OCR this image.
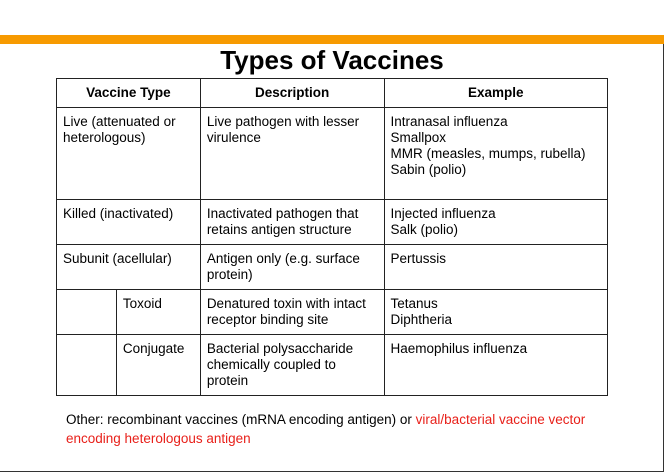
Types of Vaccines
Vaccine Type		Description	Example
Live (attenuated or heterologous)		Live pathogen with lesser virulence	Intranasal influenza
Smallpox
MMR (measles, mumps, rubella)
Sabin (polio)

Killed (inactivated)		Inactivated pathogen that retains antigen structure	Injected influenza
Salk (polio)

Subunit (acellular)		Antigen only (e.g. surface protein)	Pertussis

	Toxoid	Denatured toxin with intact receptor binding site	Tetanus
Diphtheria

	Conjugate	Bacterial polysaccharide chemically coupled to protein	Haemophilus influenza
Other: recombinant vaccines (mRNA encoding antigen) or viral/bacterial vaccine vector encoding heterologous antigen
